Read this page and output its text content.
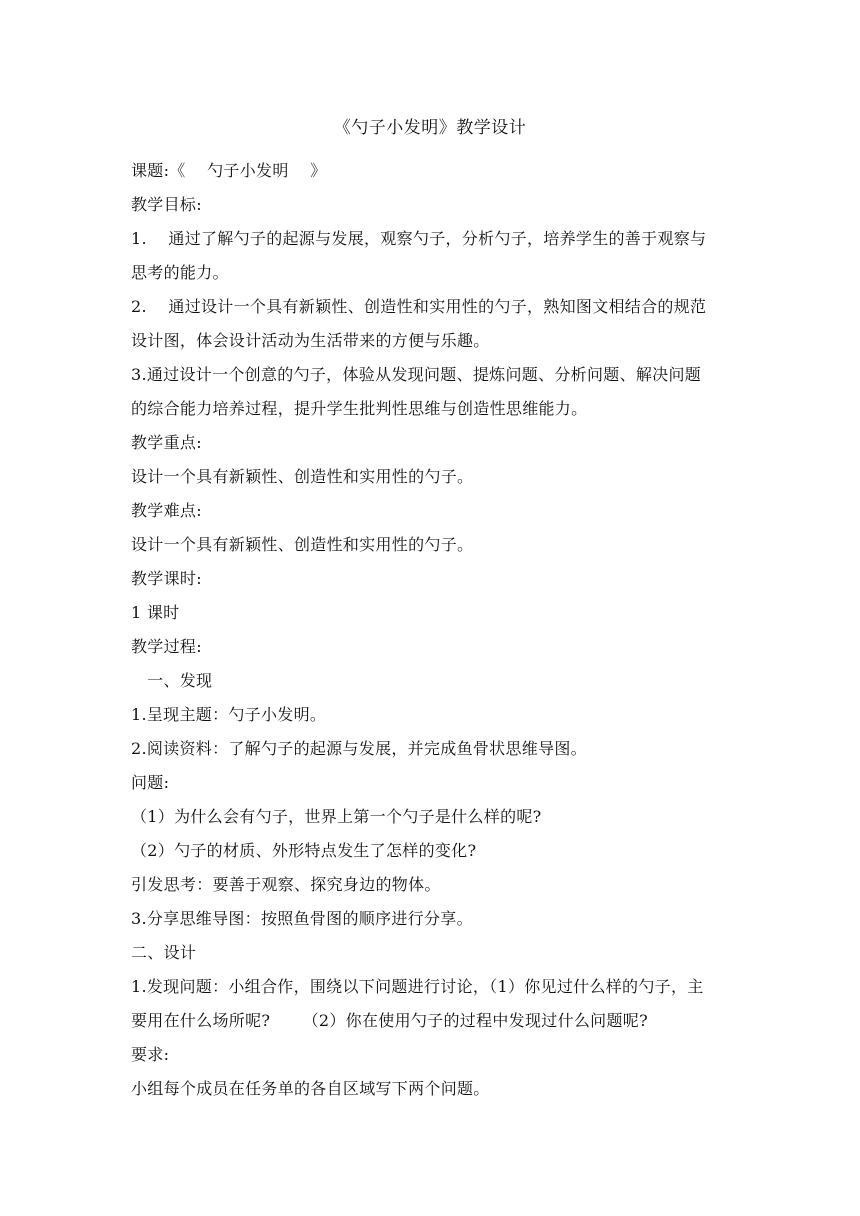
《勺子小发明》教学设计
课题:《    勺子小发明    》
教学目标:
1.    通过了解勺子的起源与发展，观察勺子，分析勺子，培养学生的善于观察与
思考的能力。
2.    通过设计一个具有新颖性、创造性和实用性的勺子，熟知图文相结合的规范
设计图，体会设计活动为生活带来的方便与乐趣。
3.通过设计一个创意的勺子，体验从发现问题、提炼问题、分析问题、解决问题
的综合能力培养过程，提升学生批判性思维与创造性思维能力。
教学重点:
设计一个具有新颖性、创造性和实用性的勺子。
教学难点:
设计一个具有新颖性、创造性和实用性的勺子。
教学课时:
1 课时
教学过程:
一、发现
1.呈现主题：勺子小发明。
2.阅读资料：了解勺子的起源与发展，并完成鱼骨状思维导图。
问题:
（1）为什么会有勺子，世界上第一个勺子是什么样的呢?
（2）勺子的材质、外形特点发生了怎样的变化?
引发思考：要善于观察、探究身边的物体。
3.分享思维导图：按照鱼骨图的顺序进行分享。
二、设计
1.发现问题：小组合作，围绕以下问题进行讨论，（1）你见过什么样的勺子，主
要用在什么场所呢?      （2）你在使用勺子的过程中发现过什么问题呢?
要求:
小组每个成员在任务单的各自区域写下两个问题。
